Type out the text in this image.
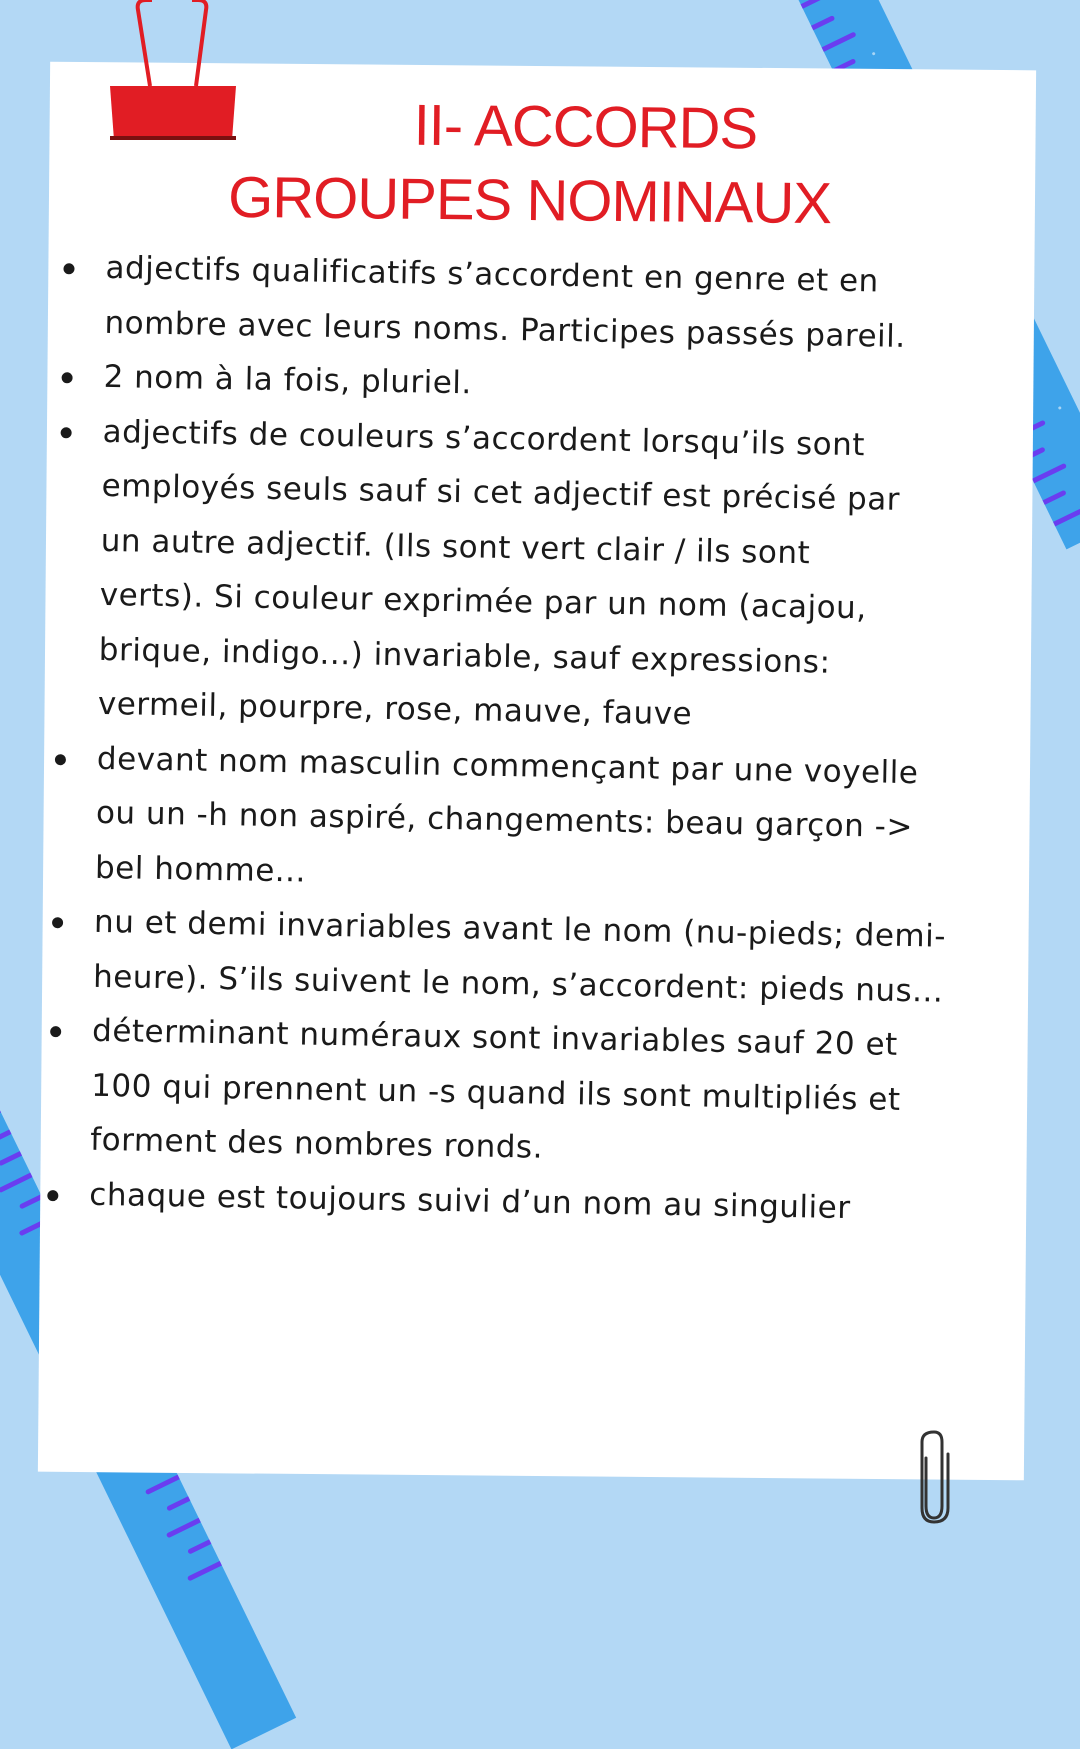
II- ACCORDS
GROUPES NOMINAUX
adjectifs qualificatifs s’accordent en genre et en
nombre avec leurs noms. Participes passés pareil.
2 nom à la fois, pluriel.
adjectifs de couleurs s’accordent lorsqu’ils sont
employés seuls sauf si cet adjectif est précisé par
un autre adjectif. (Ils sont vert clair / ils sont
verts). Si couleur exprimée par un nom (acajou,
brique, indigo...) invariable, sauf expressions:
vermeil, pourpre, rose, mauve, fauve
devant nom masculin commençant par une voyelle
ou un -h non aspiré, changements: beau garçon ->
bel homme...
nu et demi invariables avant le nom (nu-pieds; demi-
heure). S’ils suivent le nom, s’accordent: pieds nus...
déterminant numéraux sont invariables sauf 20 et
100 qui prennent un -s quand ils sont multipliés et
forment des nombres ronds.
chaque est toujours suivi d’un nom au singulier
